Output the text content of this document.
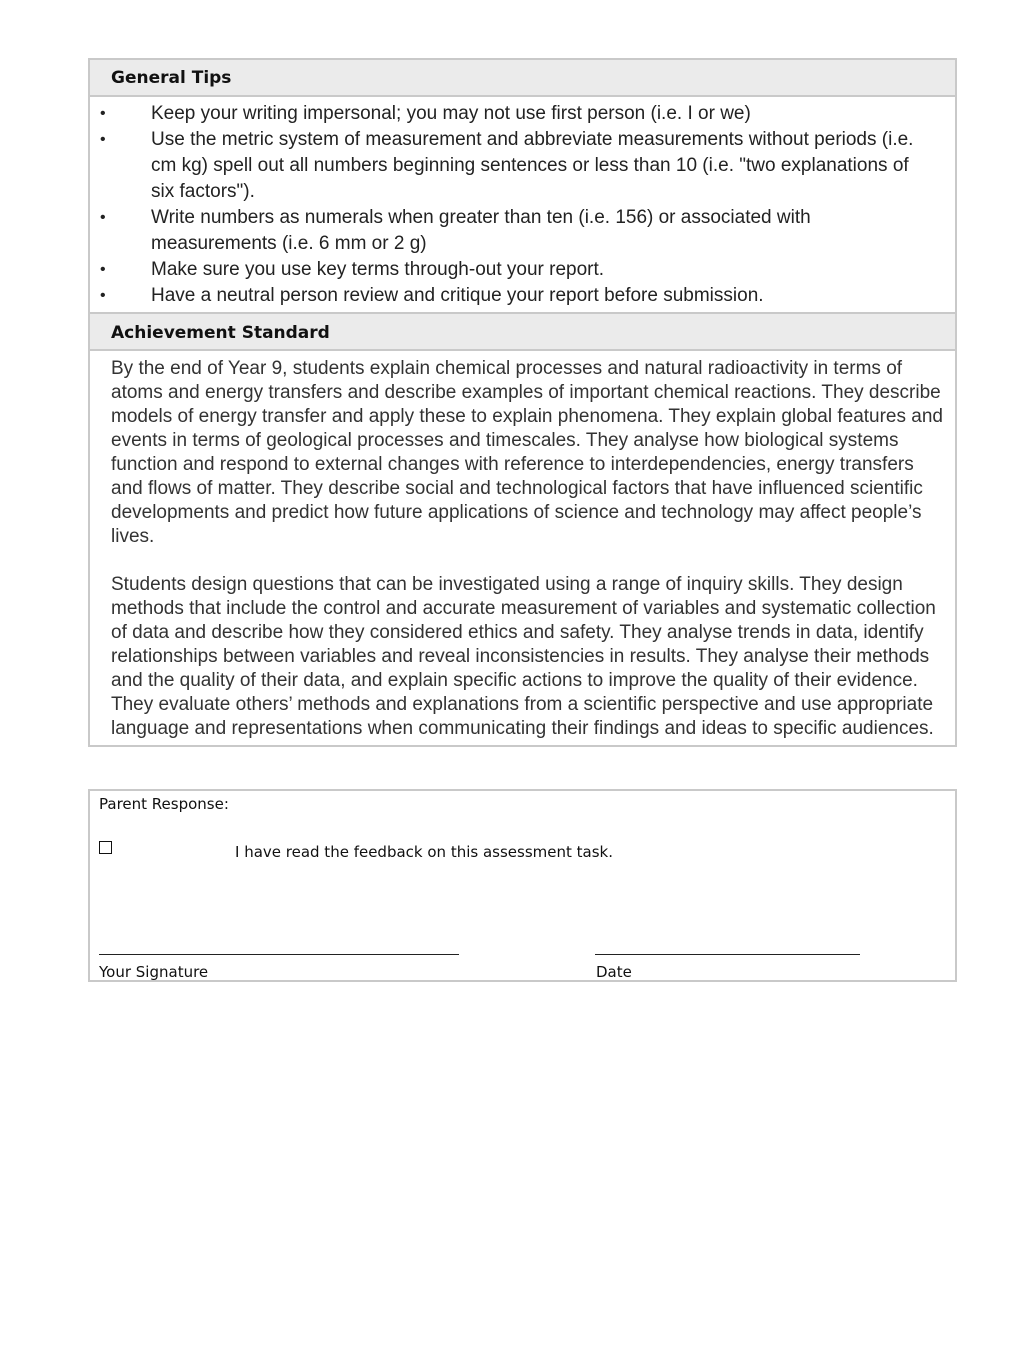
General Tips
• Keep your writing impersonal; you may not use first person (i.e. I or we)
• Use the metric system of measurement and abbreviate measurements without periods (i.e. cm kg) spell out all numbers beginning sentences or less than 10 (i.e. "two explanations of six factors").
• Write numbers as numerals when greater than ten (i.e. 156) or associated with measurements (i.e. 6 mm or 2 g)
• Make sure you use key terms through-out your report.
• Have a neutral person review and critique your report before submission.
Achievement Standard

By the end of Year 9, students explain chemical processes and natural radioactivity in terms of atoms and energy transfers and describe examples of important chemical reactions. They describe models of energy transfer and apply these to explain phenomena. They explain global features and events in terms of geological processes and timescales. They analyse how biological systems function and respond to external changes with reference to interdependencies, energy transfers and flows of matter. They describe social and technological factors that have influenced scientific developments and predict how future applications of science and technology may affect people’s lives.

Students design questions that can be investigated using a range of inquiry skills. They design methods that include the control and accurate measurement of variables and systematic collection of data and describe how they considered ethics and safety. They analyse trends in data, identify relationships between variables and reveal inconsistencies in results. They analyse their methods and the quality of their data, and explain specific actions to improve the quality of their evidence. They evaluate others’ methods and explanations from a scientific perspective and use appropriate language and representations when communicating their findings and ideas to specific audiences.

Parent Response:
I have read the feedback on this assessment task.
Your Signature	Date
